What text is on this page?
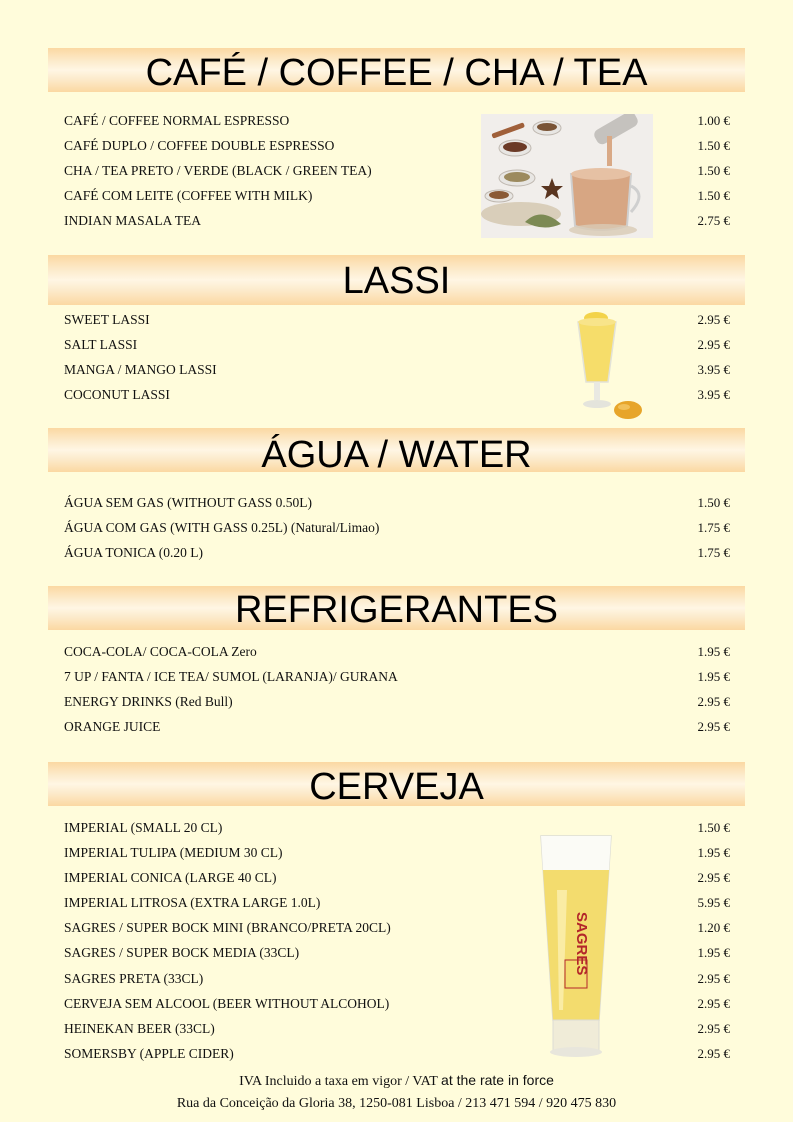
CAFÉ / COFFEE / CHA / TEA
CAFÉ / COFFEE NORMAL ESPRESSO	1.00 €
CAFÉ DUPLO / COFFEE DOUBLE ESPRESSO	1.50 €
CHA / TEA PRETO / VERDE (BLACK / GREEN TEA)	1.50 €
CAFÉ COM LEITE (COFFEE WITH MILK)	1.50 €
INDIAN MASALA TEA	2.75 €
LASSI
SWEET LASSI	2.95 €
SALT LASSI	2.95 €
MANGA / MANGO LASSI	3.95 €
COCONUT LASSI	3.95 €
ÁGUA / WATER
ÁGUA SEM GAS (WITHOUT GASS 0.50L)	1.50 €
ÁGUA COM GAS (WITH GASS 0.25L) (Natural/Limao)	1.75 €
ÁGUA TONICA (0.20 L)	1.75 €
REFRIGERANTES
COCA-COLA/ COCA-COLA Zero	1.95 €
7 UP / FANTA / ICE TEA/ SUMOL (LARANJA)/ GURANA	1.95 €
ENERGY DRINKS (Red Bull)	2.95 €
ORANGE JUICE	2.95 €
CERVEJA
IMPERIAL (SMALL 20 CL)	1.50 €
IMPERIAL TULIPA (MEDIUM 30 CL)	1.95 €
IMPERIAL CONICA (LARGE 40 CL)	2.95 €
IMPERIAL LITROSA (EXTRA LARGE 1.0L)	5.95 €
SAGRES / SUPER BOCK MINI (BRANCO/PRETA 20CL)	1.20 €
SAGRES / SUPER BOCK MEDIA (33CL)	1.95 €
SAGRES PRETA (33CL)	2.95 €
CERVEJA SEM ALCOOL (BEER WITHOUT ALCOHOL)	2.95 €
HEINEKAN BEER (33CL)	2.95 €
SOMERSBY (APPLE CIDER)	2.95 €
SAGRES
IVA Incluido a taxa em vigor / VAT at the rate in force
Rua da Conceição da Gloria 38, 1250-081 Lisboa / 213 471 594 / 920 475 830
